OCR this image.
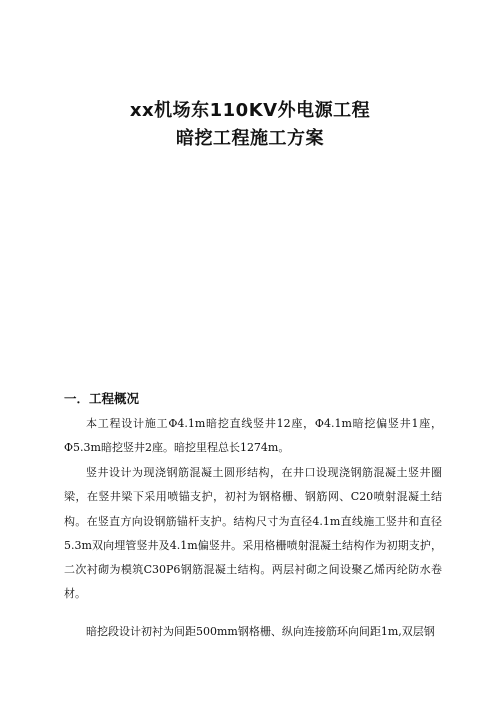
xx机场东110KV外电源工程
暗挖工程施工方案
一．工程概况

本工程设计施工Φ4.1m暗挖直线竖井12座，Φ4.1m暗挖偏竖井1座，Φ5.3m暗挖竖井2座。暗挖里程总长1274m。

竖井设计为现浇钢筋混凝土圆形结构，在井口设现浇钢筋混凝土竖井圈梁，在竖井梁下采用喷锚支护，初衬为钢格栅、钢筋网、C20喷射混凝土结构。在竖直方向设钢筋锚杆支护。结构尺寸为直径4.1m直线施工竖井和直径5.3m双向埋管竖井及4.1m偏竖井。采用格栅喷射混凝土结构作为初期支护，二次衬砌为模筑C30P6钢筋混凝土结构。两层衬砌之间设聚乙烯丙纶防水卷材。

暗挖段设计初衬为间距500mm钢格栅、纵向连接筋环向间距1m,双层钢
